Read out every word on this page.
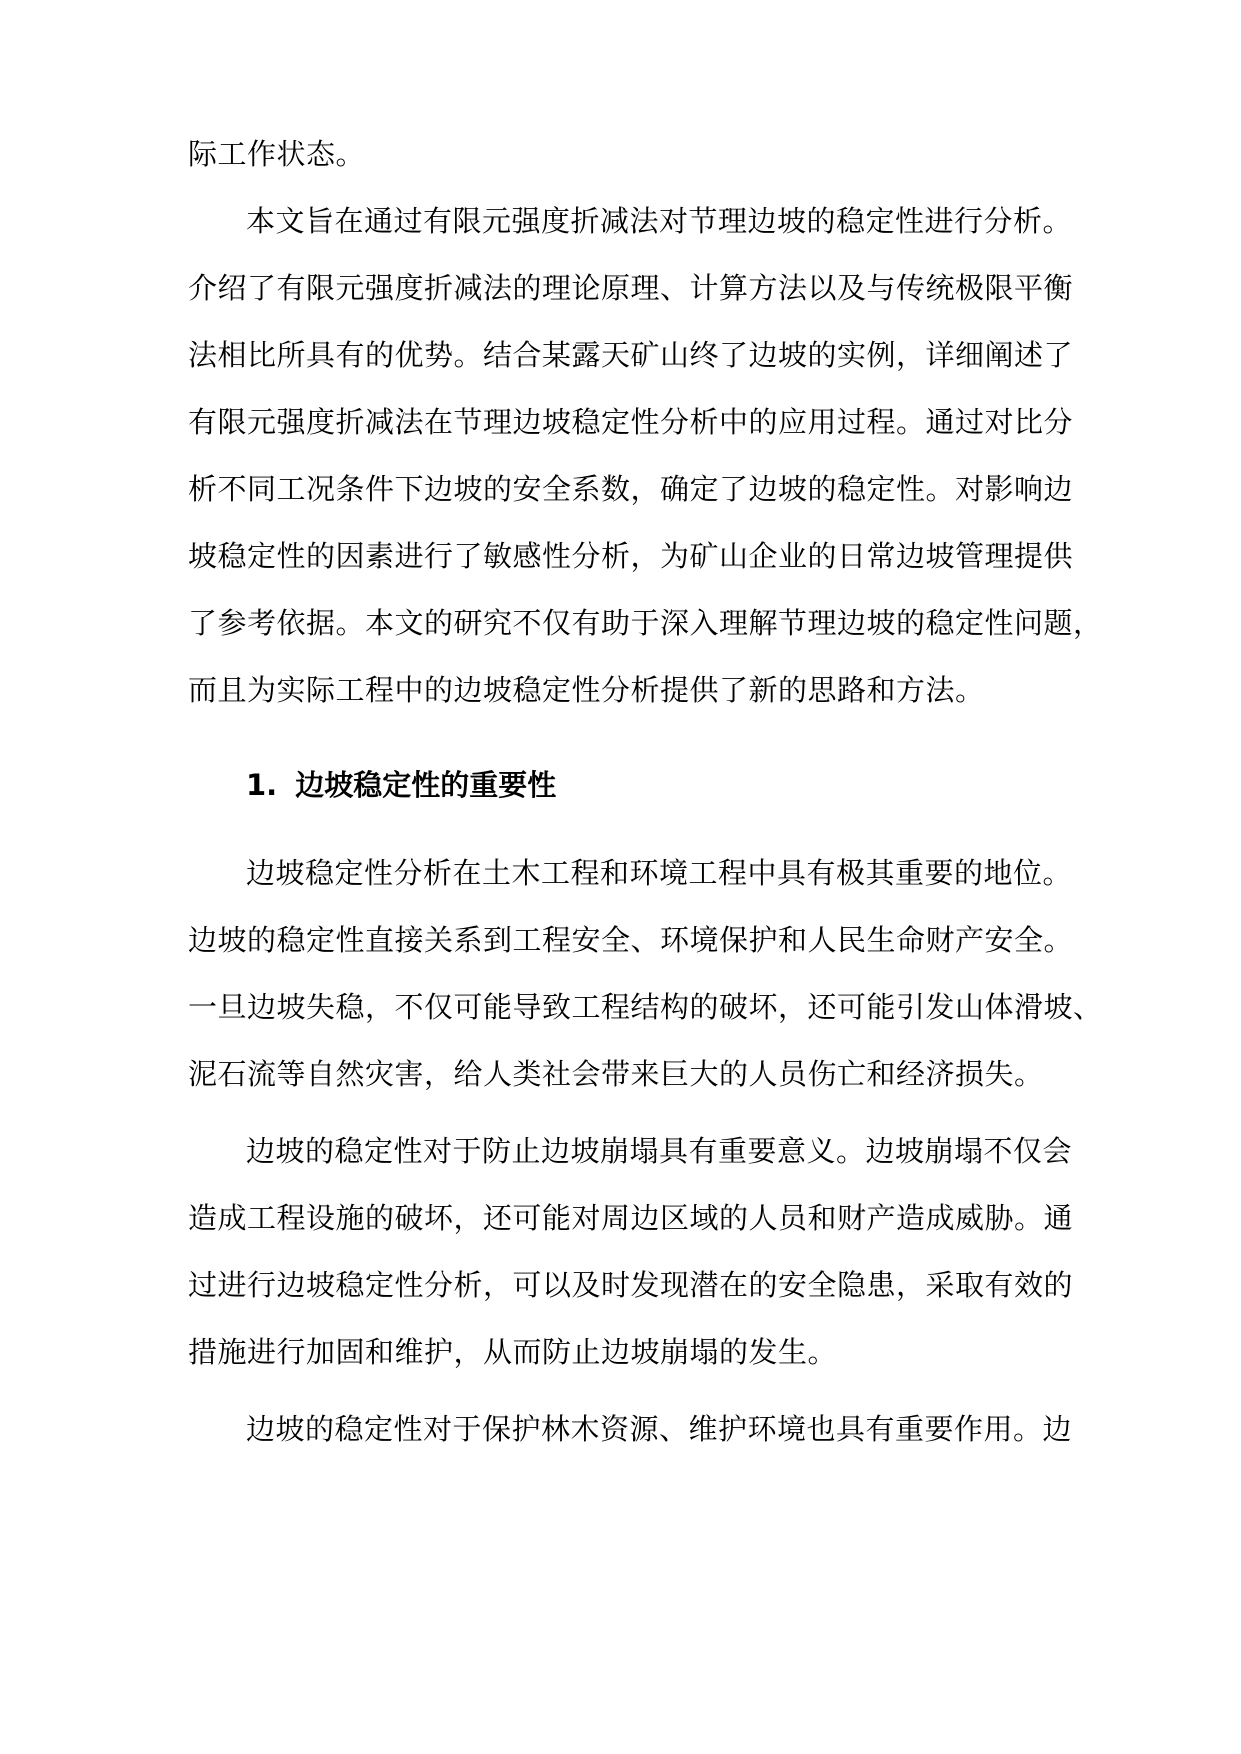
际工作状态。
本文旨在通过有限元强度折减法对节理边坡的稳定性进行分析。
介绍了有限元强度折减法的理论原理、计算方法以及与传统极限平衡
法相比所具有的优势。结合某露天矿山终了边坡的实例，详细阐述了
有限元强度折减法在节理边坡稳定性分析中的应用过程。通过对比分
析不同工况条件下边坡的安全系数，确定了边坡的稳定性。对影响边
坡稳定性的因素进行了敏感性分析，为矿山企业的日常边坡管理提供
了参考依据。本文的研究不仅有助于深入理解节理边坡的稳定性问题，
而且为实际工程中的边坡稳定性分析提供了新的思路和方法。
1. 边坡稳定性的重要性
边坡稳定性分析在土木工程和环境工程中具有极其重要的地位。
边坡的稳定性直接关系到工程安全、环境保护和人民生命财产安全。
一旦边坡失稳，不仅可能导致工程结构的破坏，还可能引发山体滑坡、
泥石流等自然灾害，给人类社会带来巨大的人员伤亡和经济损失。
边坡的稳定性对于防止边坡崩塌具有重要意义。边坡崩塌不仅会
造成工程设施的破坏，还可能对周边区域的人员和财产造成威胁。通
过进行边坡稳定性分析，可以及时发现潜在的安全隐患，采取有效的
措施进行加固和维护，从而防止边坡崩塌的发生。
边坡的稳定性对于保护林木资源、维护环境也具有重要作用。边
